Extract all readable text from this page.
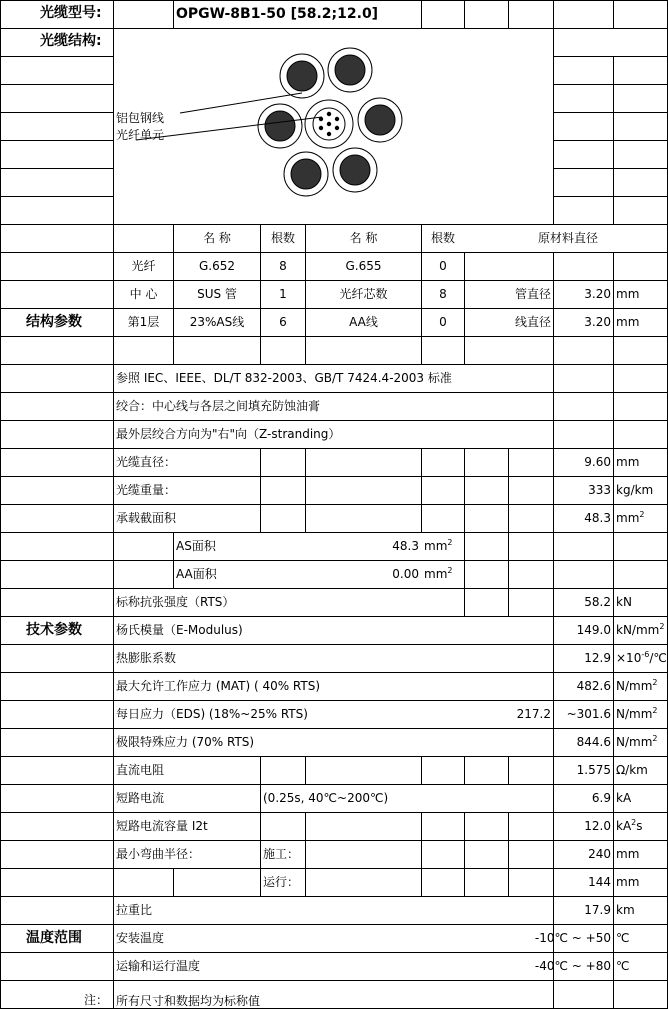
光缆型号:	OPGW-8B1-50 [58.2;12.0]
光缆结构:
铝包钢线
光纤单元
名 称	根数	名 称	根数	原材料直径
光纤	G.652	8	G.655	0
中 心	SUS 管	1	光纤芯数	8	管直径	3.20 mm
结构参数	第1层	23%AS线	6	AA线	0	线直径	3.20 mm
参照 IEC、IEEE、DL/T 832-2003、GB/T 7424.4-2003 标准
绞合：中心线与各层之间填充防蚀油膏
最外层绞合方向为"右"向（Z-stranding）
光缆直径：	9.60 mm
光缆重量：	333 kg/km
承载截面积	48.3 $mm^2$
AS面积	48.3 $mm^2$
AA面积	0.00 $mm^2$
标称抗张强度（RTS）	58.2 kN
技术参数	杨氏模量（E-Modulus)	149.0 $kN/mm^2$
热膨胀系数	$12.9 \times 10^{-6}/℃$
最大允许工作应力 (MAT) ( 40% RTS)	482.6 $N/mm^2$
每日应力（EDS) (18%~25% RTS)	217.2	~301.6 $N/mm^2$
极限特殊应力 (70% RTS)	844.6 $N/mm^2$
直流电阻	1.575 Ω/km
短路电流	(0.25s, 40℃~200℃)	6.9 kA
短路电流容量 I2t	12.0 $kA^2s$
最小弯曲半径：	施工：	240 mm
运行：	144 mm
拉重比	17.9 km
温度范围	安装温度	-10℃ ~ +50 ℃
运输和运行温度	-40℃ ~ +80 ℃
注： 所有尺寸和数据均为标称值
